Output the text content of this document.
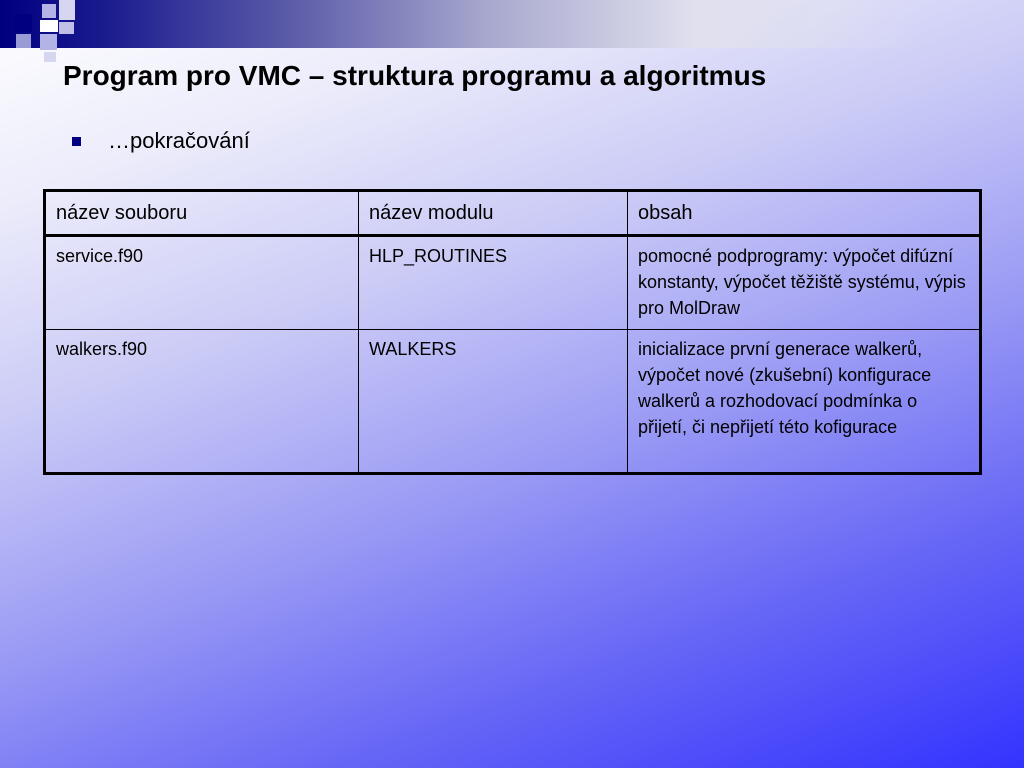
Program pro VMC – struktura programu a algoritmus
…pokračování
název souboru	název modulu	obsah
service.f90	HLP_ROUTINES	pomocné podprogramy: výpočet difúzní konstanty, výpočet těžiště systému, výpis pro MolDraw
walkers.f90	WALKERS	inicializace první generace walkerů, výpočet nové (zkušební) konfigurace walkerů a rozhodovací podmínka o přijetí, či nepřijetí této kofigurace
